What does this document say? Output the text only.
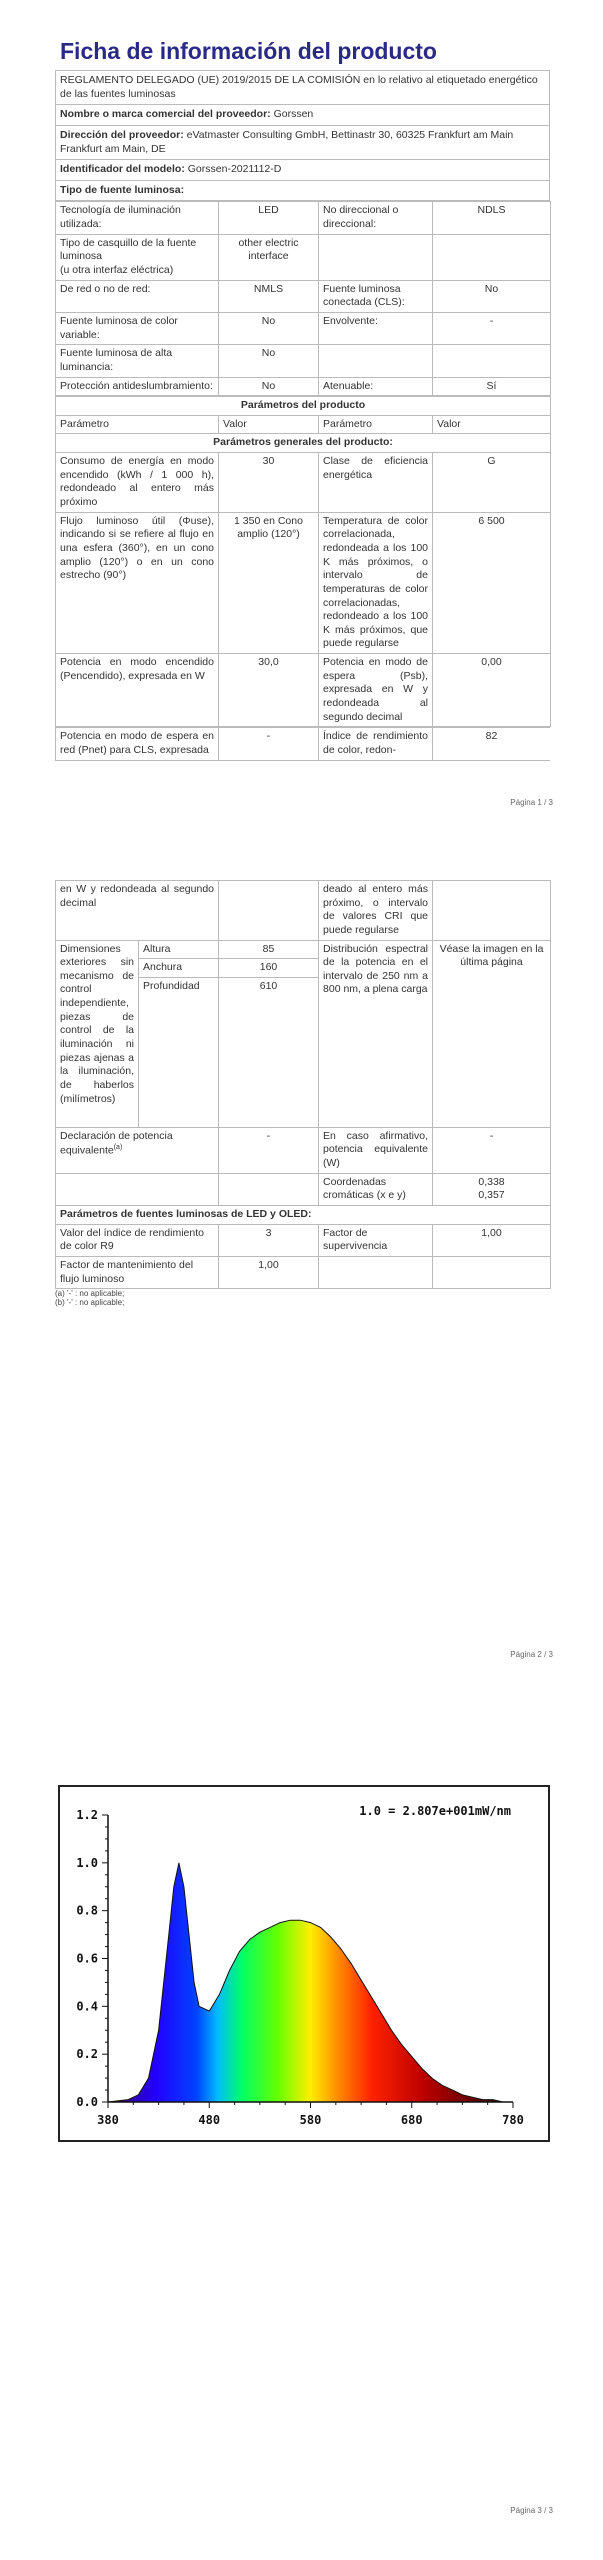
Ficha de información del producto
REGLAMENTO DELEGADO (UE) 2019/2015 DE LA COMISIÓN en lo relativo al etiquetado energético de las fuentes luminosas
Nombre o marca comercial del proveedor: Gorssen
Dirección del proveedor: eVatmaster Consulting GmbH, Bettinastr 30, 60325 Frankfurt am Main Frankfurt am Main, DE
Identificador del modelo: Gorssen-2021112-D
Tipo de fuente luminosa:
Tecnología de iluminación utilizada:	LED	No direccional o direccional:	NDLS
Tipo de casquillo de la fuente luminosa
(u otra interfaz eléctrica)	other electric interface		
De red o no de red:	NMLS	Fuente luminosa conectada (CLS):	No
Fuente luminosa de color variable:	No	Envolvente:	-
Fuente luminosa de alta luminancia:	No		
Protección antideslumbramiento:	No	Atenuable:	Sí
Parámetros del producto			
Parámetro	Valor	Parámetro	Valor
Parámetros generales del producto:			
Consumo de energía en modo encendido (kWh / 1 000 h), redondeado al entero más próximo	30	Clase de eficiencia energética	G
Flujo luminoso útil (Φuse), indicando si se refiere al flujo en una esfera (360°), en un cono amplio (120°) o en un cono estrecho (90°)	1 350 en Cono amplio (120°)	Temperatura de color correlacionada, redondeada a los 100 K más próximos, o intervalo de temperaturas de color correlacionadas, redondeado a los 100 K más próximos, que puede regularse	6 500
Potencia en modo encendido (Pencendido), expresada en W	30,0	Potencia en modo de espera (Psb), expresada en W y redondeada al segundo decimal	0,00
Potencia en modo de espera en red (Pnet) para CLS, expresada	-	Índice de rendimiento de color, redon-	82
Página 1 / 3
en W y redondeada al segundo decimal			deado al entero más próximo, o intervalo de valores CRI que puede regularse	
Dimensiones exteriores sin mecanismo de control independiente, piezas de control de la iluminación ni piezas ajenas a la iluminación, de haberlos (milímetros)	Altura	85	Distribución espectral de la potencia en el intervalo de 250 nm a 800 nm, a plena carga	Véase la imagen en la última página
	Anchura	160		
	Profundidad	610		
Declaración de potencia equivalente$^{(a)}$		-	En caso afirmativo, potencia equivalente (W)	-
			Coordenadas cromáticas (x e y)	0,338
0,357
Parámetros de fuentes luminosas de LED y OLED:				
Valor del índice de rendimiento de color R9		3	Factor de supervivencia	1,00
Factor de mantenimiento del flujo luminoso		1,00		
(a) '-' : no aplicable;
(b) '-' : no aplicable;
Página 2 / 3
0.0
0.2
0.4
0.6
0.8
1.0
1.2
380	480	580	680	780
1.0 = 2.807e+001mW/nm
Página 3 / 3
